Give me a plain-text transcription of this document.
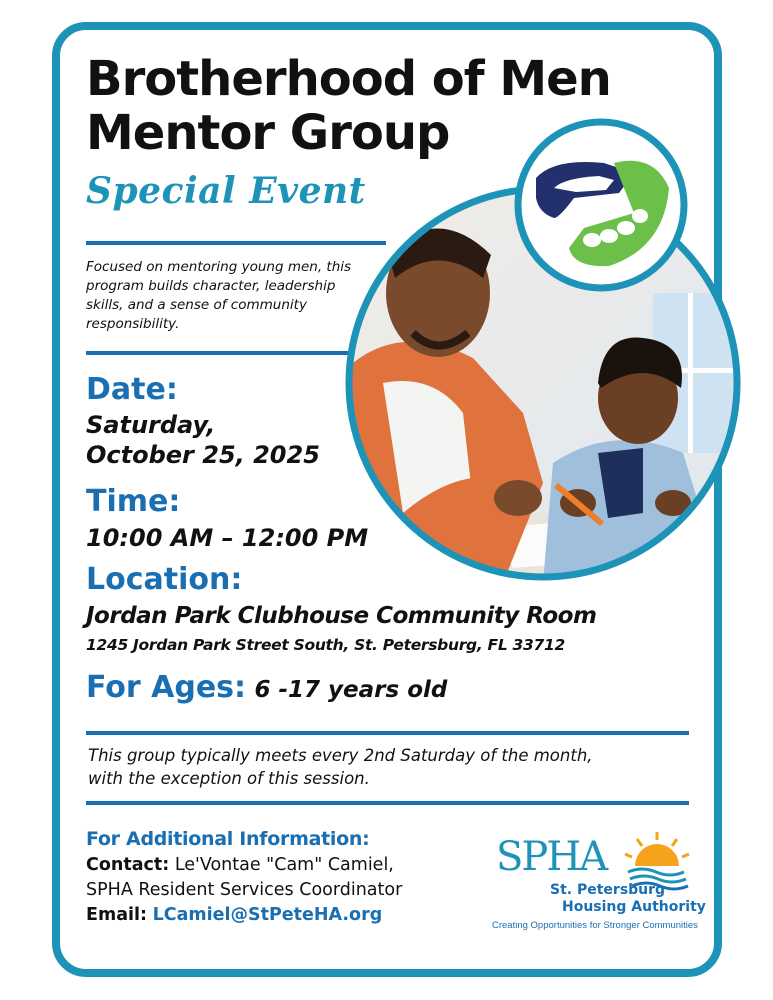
Brotherhood of Men
Mentor Group
Special Event
Focused on mentoring young men, this program builds character, leadership skills, and a sense of community responsibility.
Date:
Saturday,
October 25, 2025
Time:
10:00 AM – 12:00 PM
Location:
Jordan Park Clubhouse Community Room
1245 Jordan Park Street South, St. Petersburg, FL 33712
For Ages: 6 -17 years old
This group typically meets every 2nd Saturday of the month,
with the exception of this session.
For Additional Information:
Contact: Le'Vontae "Cam" Camiel,
SPHA Resident Services Coordinator
Email: LCamiel@StPeteHA.org
SPHA
St. Petersburg
Housing Authority
Creating Opportunities for Stronger Communities
